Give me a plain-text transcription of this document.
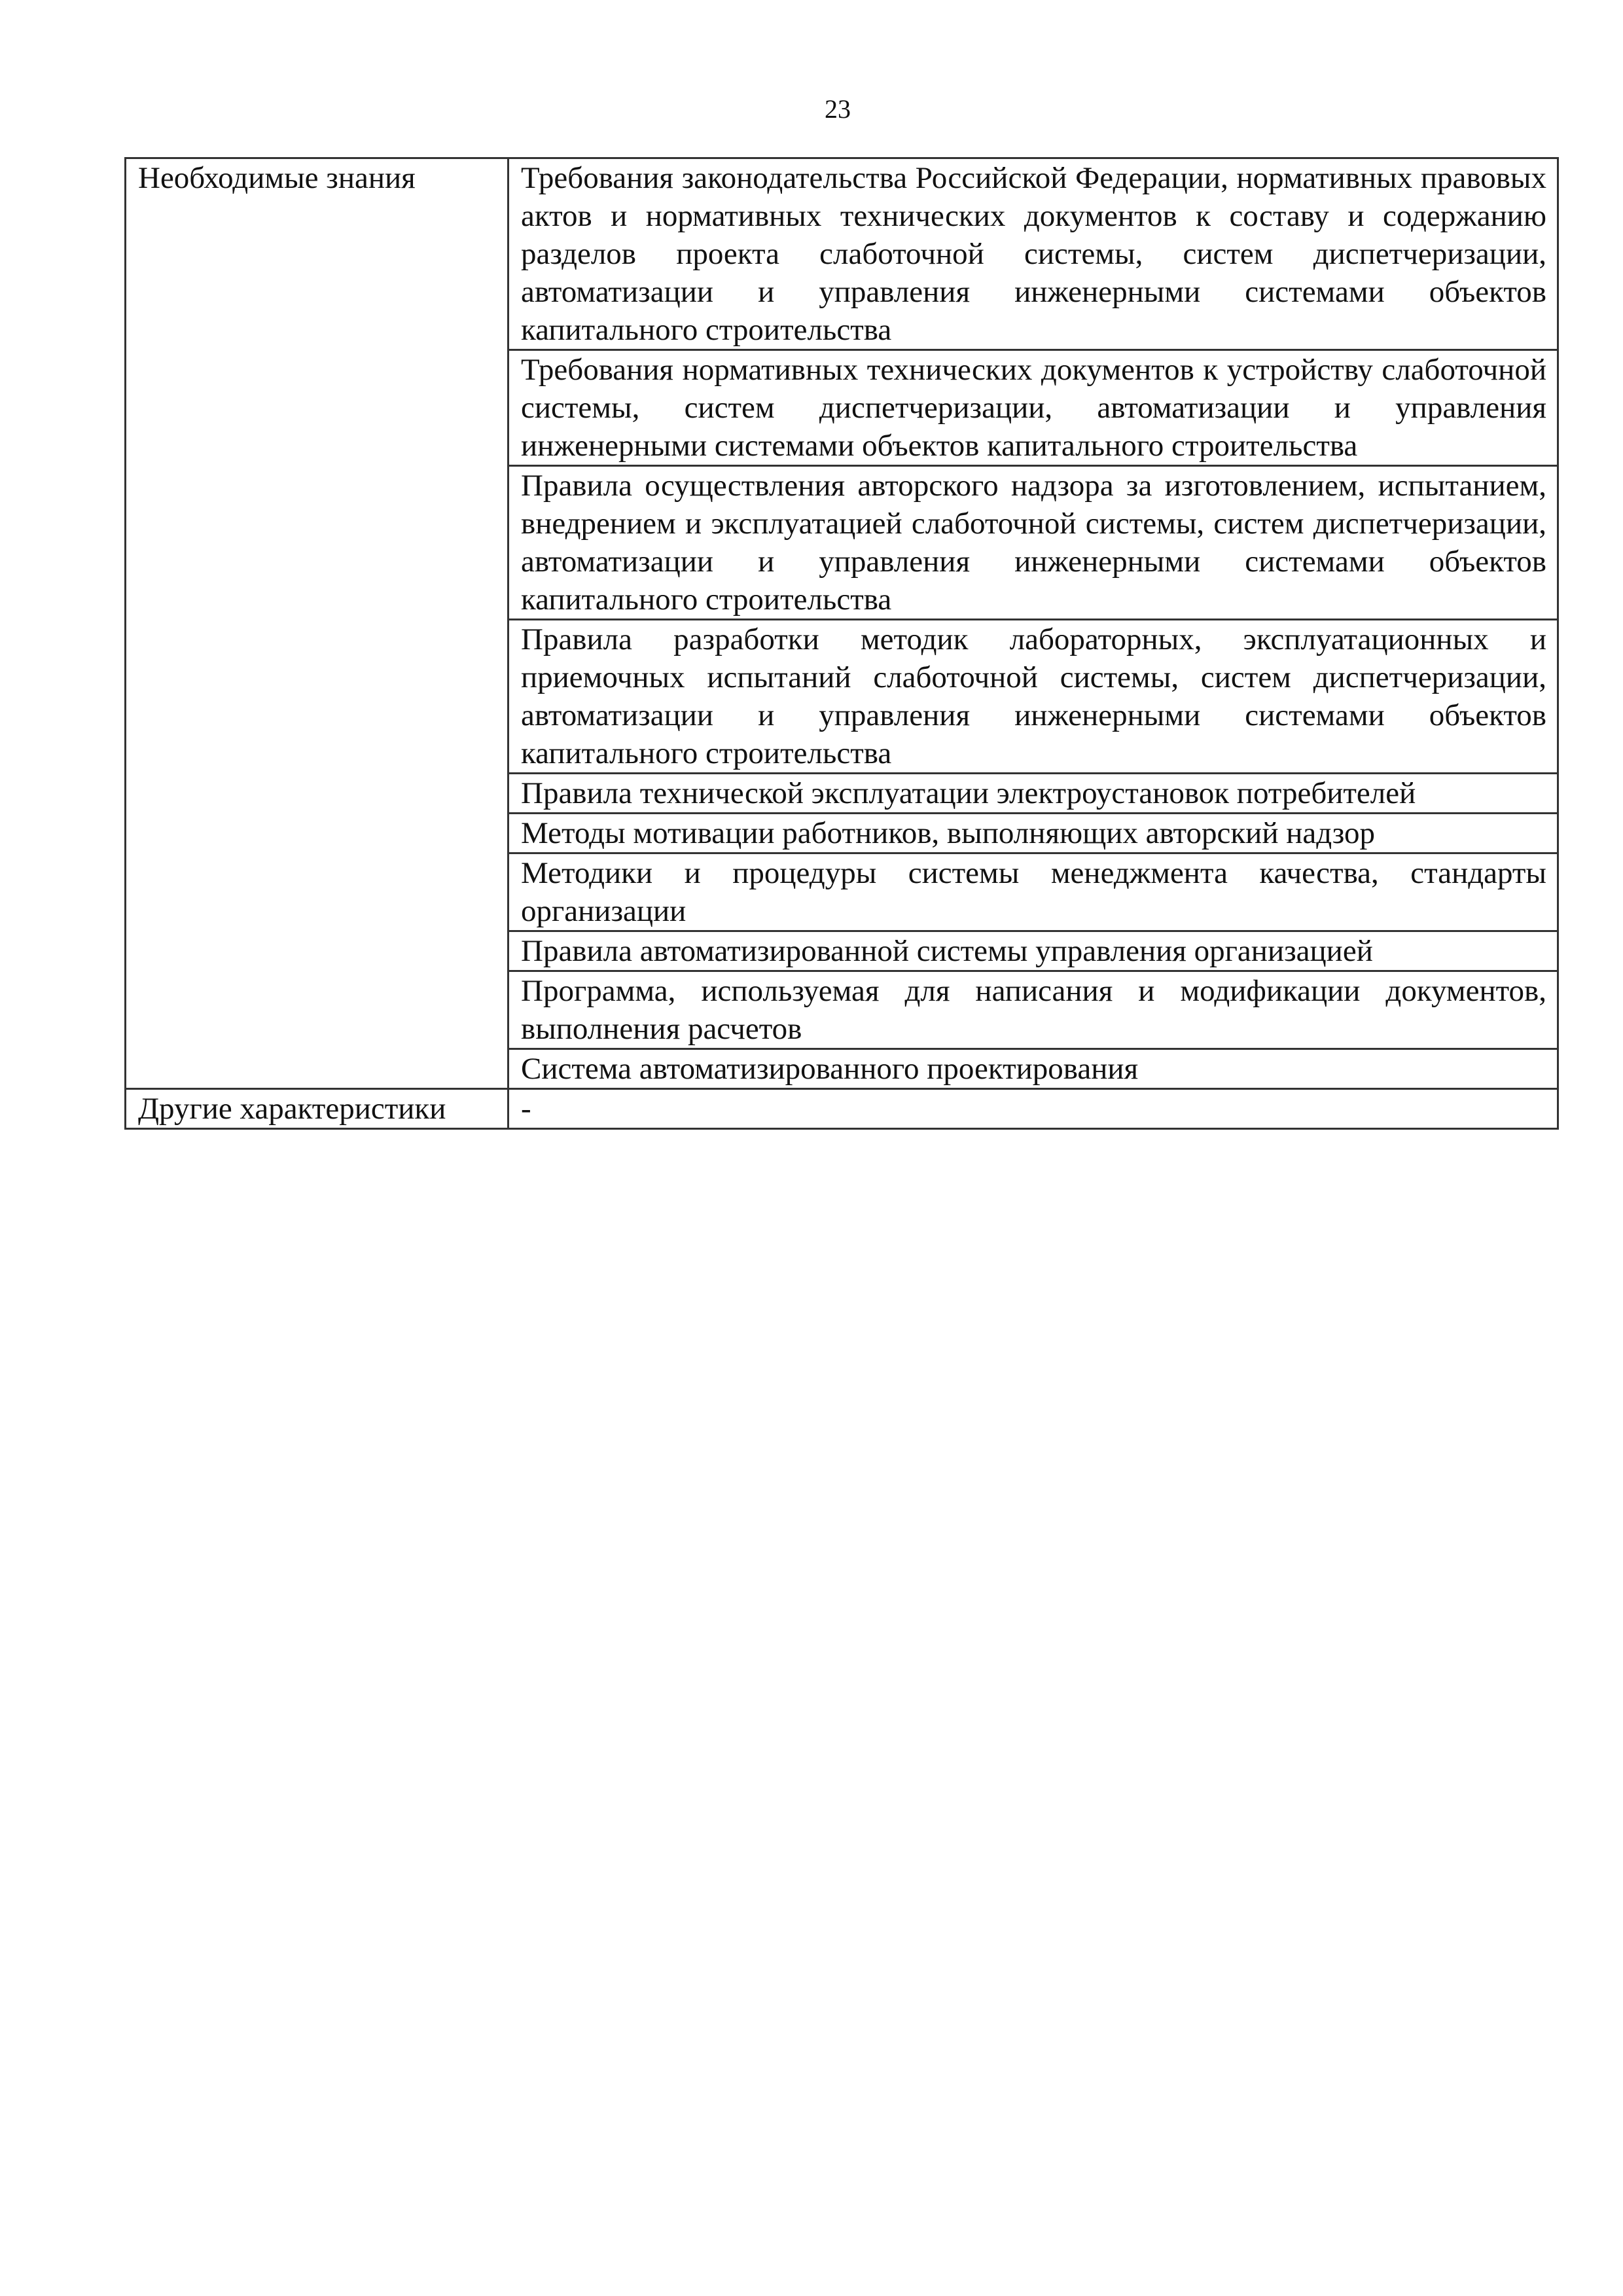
23
Необходимые знания	Требования законодательства Российской Федерации, нормативных правовых актов и нормативных технических документов к составу и содержанию разделов проекта слаботочной системы, систем диспетчеризации, автоматизации и управления инженерными системами объектов капитального строительства
	Требования нормативных технических документов к устройству слаботочной системы, систем диспетчеризации, автоматизации и управления инженерными системами объектов капитального строительства
	Правила осуществления авторского надзора за изготовлением, испытанием, внедрением и эксплуатацией слаботочной системы, систем диспетчеризации, автоматизации и управления инженерными системами объектов капитального строительства
	Правила разработки методик лабораторных, эксплуатационных и приемочных испытаний слаботочной системы, систем диспетчеризации, автоматизации и управления инженерными системами объектов капитального строительства
	Правила технической эксплуатации электроустановок потребителей
	Методы мотивации работников, выполняющих авторский надзор
	Методики и процедуры системы менеджмента качества, стандарты организации
	Правила автоматизированной системы управления организацией
	Программа, используемая для написания и модификации документов, выполнения расчетов
	Система автоматизированного проектирования
Другие характеристики	-
